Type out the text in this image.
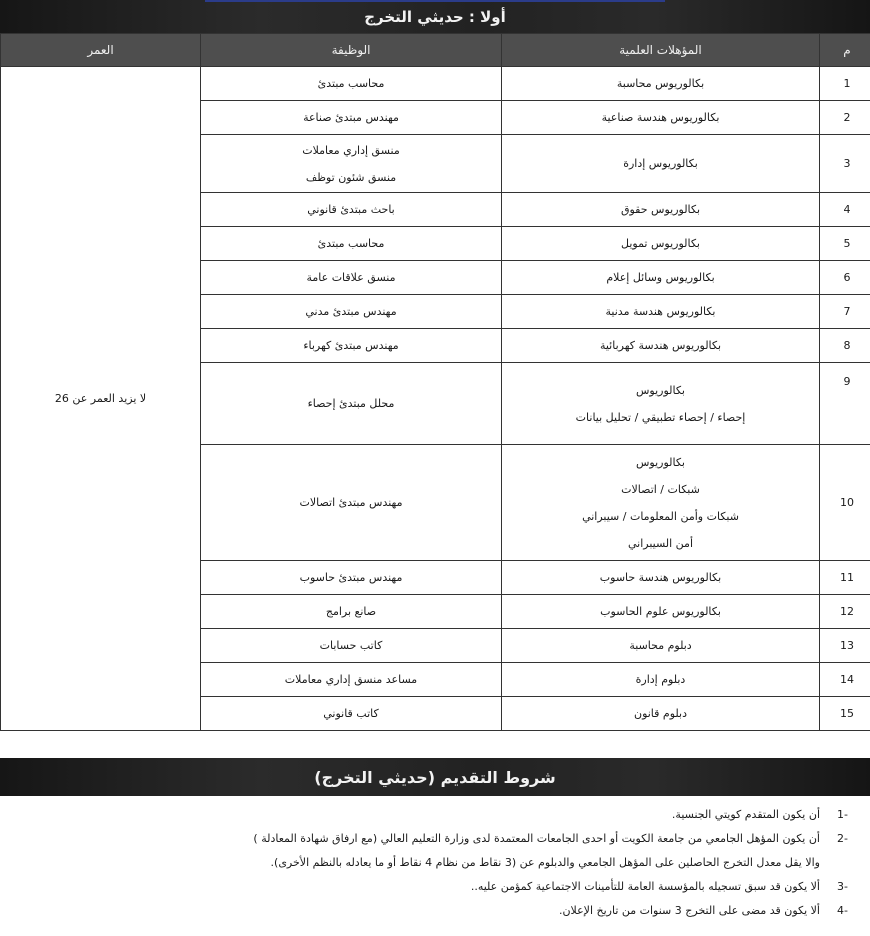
أولا : حديثي التخرج
م	المؤهلات العلمية	الوظيفة	العمر
1	بكالوريوس محاسبة	محاسب مبتدئ	لا يزيد العمر عن 26
2	بكالوريوس هندسة صناعية	مهندس مبتدئ صناعة	

3	بكالوريوس إدارة	منسق إداري معاملات
منسق شئون توظف	

4	بكالوريوس حقوق	باحث مبتدئ قانوني	

5	بكالوريوس تمويل	محاسب مبتدئ	

6	بكالوريوس وسائل إعلام	منسق علاقات عامة	

7	بكالوريوس هندسة مدنية	مهندس مبتدئ مدني	

8	بكالوريوس هندسة كهربائية	مهندس مبتدئ كهرباء	

9	بكالوريوس
إحصاء / إحصاء تطبيقي / تحليل بيانات	محلل مبتدئ إحصاء	

10	بكالوريوس
شبكات / اتصالات
شبكات وأمن المعلومات / سيبراني
أمن السيبراني	مهندس مبتدئ اتصالات	

11	بكالوريوس هندسة حاسوب	مهندس مبتدئ حاسوب	

12	بكالوريوس علوم الحاسوب	صانع برامج	

13	دبلوم محاسبة	كاتب حسابات	

14	دبلوم إدارة	مساعد منسق إداري معاملات	

15	دبلوم قانون	كاتب قانوني	
شروط التقديم (حديثي التخرج)
-1
أن يكون المتقدم كويتي الجنسية.
-2
أن يكون المؤهل الجامعي من جامعة الكويت أو احدى الجامعات المعتمدة لدى وزارة التعليم العالي (مع ارفاق شهادة المعادلة )
والا يقل معدل التخرج الحاصلين على المؤهل الجامعي والدبلوم عن (3 نقاط من نظام 4 نقاط أو ما يعادله بالنظم الأخرى).
-3
ألا يكون قد سبق تسجيله بالمؤسسة العامة للتأمينات الاجتماعية كمؤمن عليه..
-4
ألا يكون قد مضى على التخرج 3 سنوات من تاريخ الإعلان.
